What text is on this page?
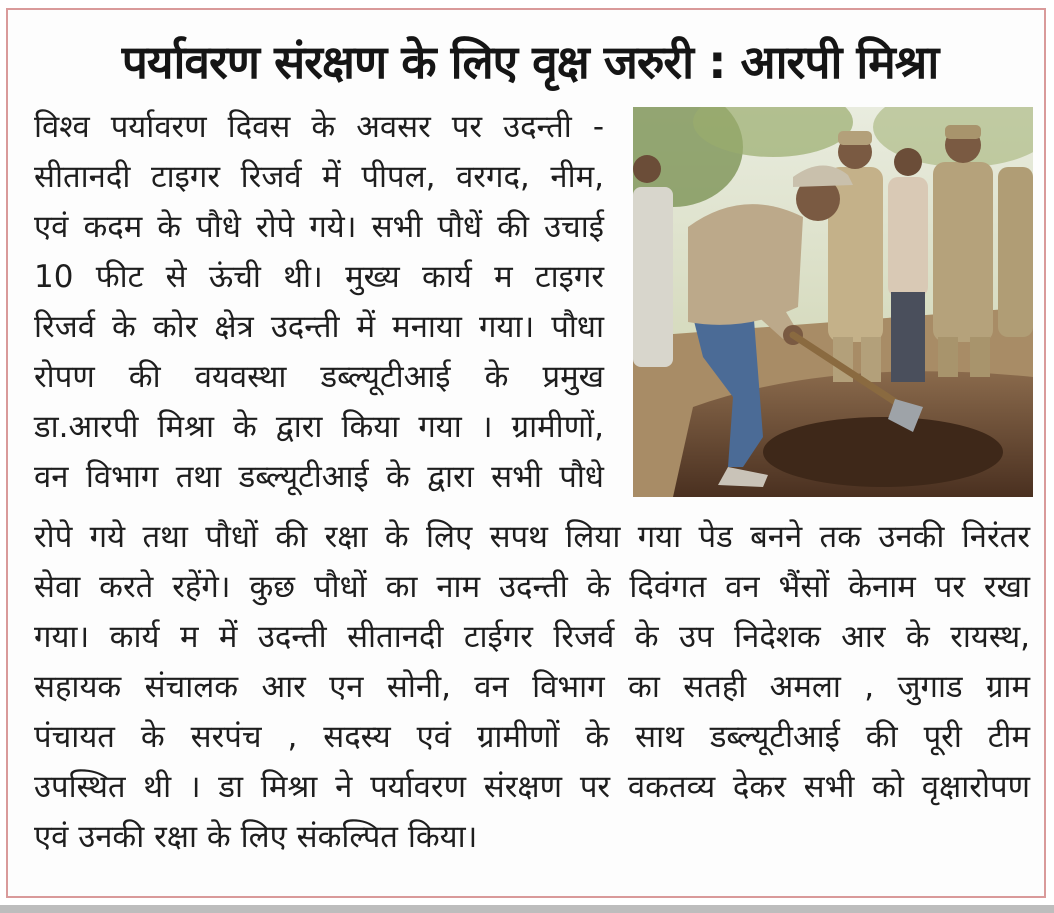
पर्यावरण संरक्षण के लिए वृक्ष जरुरी : आरपी मिश्रा
विश्व पर्यावरण दिवस के अवसर पर उदन्ती -
सीतानदी टाइगर रिजर्व में पीपल, वरगद, नीम,
एवं कदम के पौधे रोपे गये। सभी पौधें की उचाई
10 फीट से ऊंची थी। मुख्य कार्य म टाइगर
रिजर्व के कोर क्षेत्र उदन्ती में मनाया गया। पौधा
रोपण की वयवस्था डब्ल्यूटीआई के प्रमुख
डा.आरपी मिश्रा के द्वारा किया गया । ग्रामीणों,
वन विभाग तथा डब्ल्यूटीआई के द्वारा सभी पौधे
रोपे गये तथा पौधों की रक्षा के लिए सपथ लिया गया पेड बनने तक उनकी निरंतर
सेवा करते रहेंगे। कुछ पौधों का नाम उदन्ती के दिवंगत वन भैंसों केनाम पर रखा
गया। कार्य म में उदन्ती सीतानदी टाईगर रिजर्व के उप निदेशक आर के रायस्थ,
सहायक संचालक आर एन सोनी, वन विभाग का सतही अमला , जुगाड ग्राम
पंचायत के सरपंच , सदस्य एवं ग्रामीणों के साथ डब्ल्यूटीआई की पूरी टीम
उपस्थित थी । डा मिश्रा ने पर्यावरण संरक्षण पर वकतव्य देकर सभी को वृक्षारोपण
एवं उनकी रक्षा के लिए संकल्पित किया।
